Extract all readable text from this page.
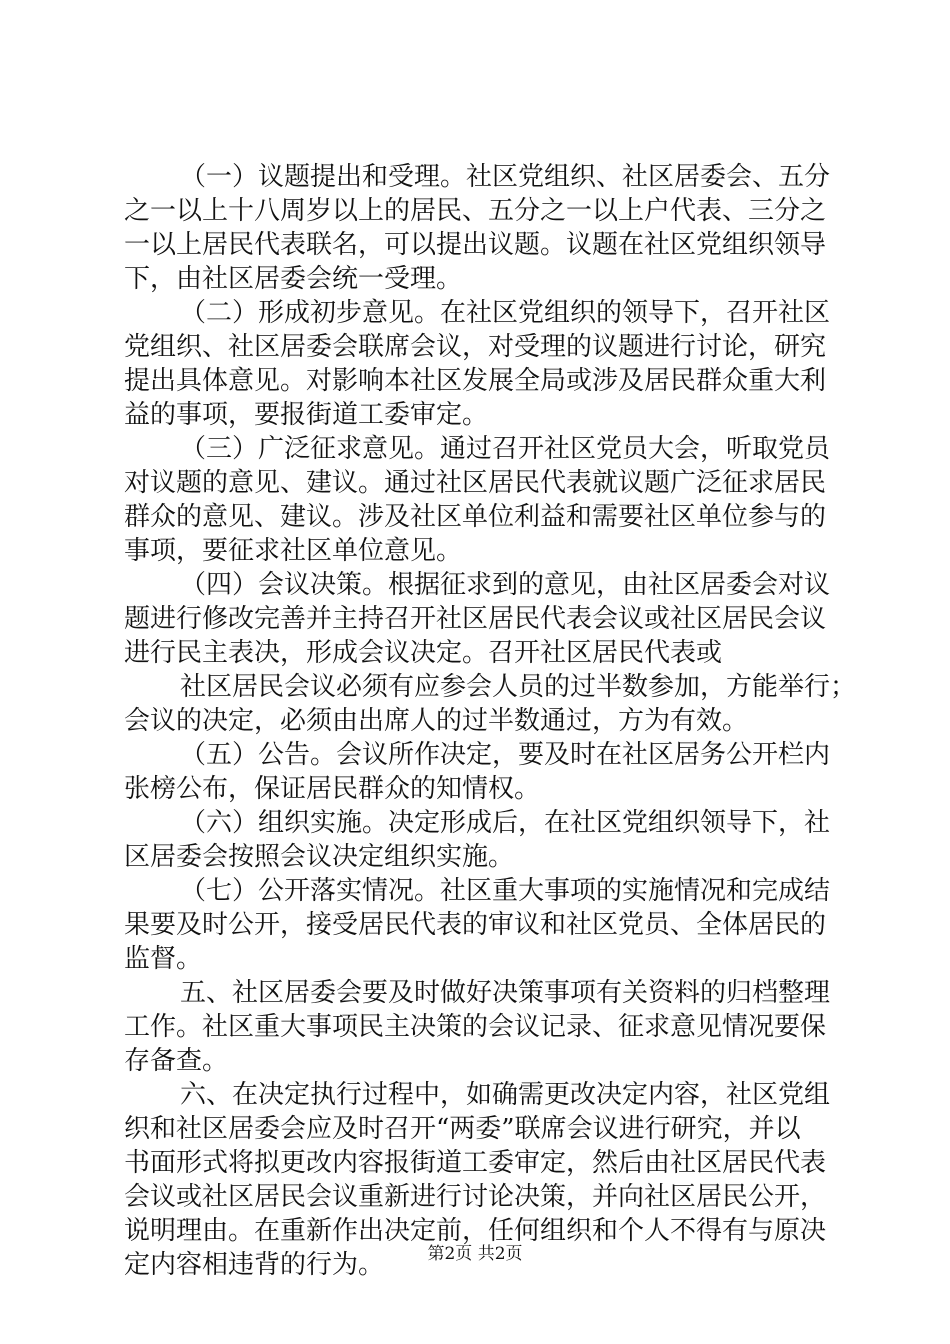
（一）议题提出和受理。社区党组织、社区居委会、五分

之一以上十八周岁以上的居民、五分之一以上户代表、三分之

一以上居民代表联名，可以提出议题。议题在社区党组织领导

下，由社区居委会统一受理。

（二）形成初步意见。在社区党组织的领导下，召开社区

党组织、社区居委会联席会议，对受理的议题进行讨论，研究

提出具体意见。对影响本社区发展全局或涉及居民群众重大利

益的事项，要报街道工委审定。

（三）广泛征求意见。通过召开社区党员大会，听取党员

对议题的意见、建议。通过社区居民代表就议题广泛征求居民

群众的意见、建议。涉及社区单位利益和需要社区单位参与的

事项，要征求社区单位意见。

（四）会议决策。根据征求到的意见，由社区居委会对议

题进行修改完善并主持召开社区居民代表会议或社区居民会议

进行民主表决，形成会议决定。召开社区居民代表或

社区居民会议必须有应参会人员的过半数参加，方能举行；

会议的决定，必须由出席人的过半数通过，方为有效。

（五）公告。会议所作决定，要及时在社区居务公开栏内

张榜公布，保证居民群众的知情权。

（六）组织实施。决定形成后，在社区党组织领导下，社

区居委会按照会议决定组织实施。

（七）公开落实情况。社区重大事项的实施情况和完成结

果要及时公开，接受居民代表的审议和社区党员、全体居民的

监督。

五、社区居委会要及时做好决策事项有关资料的归档整理

工作。社区重大事项民主决策的会议记录、征求意见情况要保

存备查。

六、在决定执行过程中，如确需更改决定内容，社区党组

织和社区居委会应及时召开“两委”联席会议进行研究，并以

书面形式将拟更改内容报街道工委审定，然后由社区居民代表

会议或社区居民会议重新进行讨论决策，并向社区居民公开，

说明理由。在重新作出决定前，任何组织和个人不得有与原决

定内容相违背的行为。	第2页 共2页
